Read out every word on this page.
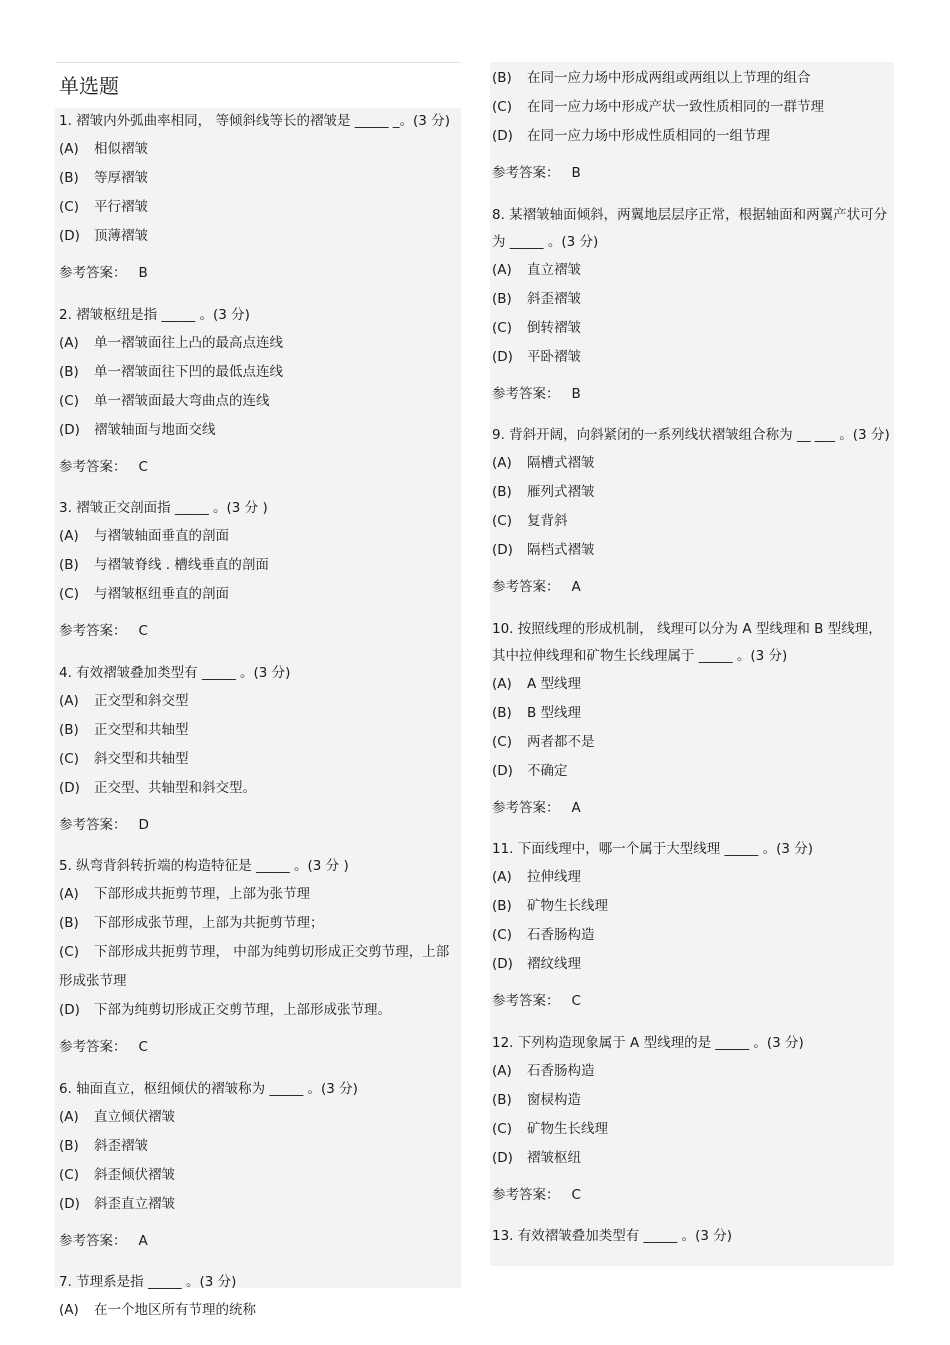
单选题

1. 褶皱内外弧曲率相同， 等倾斜线等长的褶皱是 _____ _。(3 分)

(A) 相似褶皱

(B) 等厚褶皱

(C) 平行褶皱

(D) 顶薄褶皱

参考答案： B

2. 褶皱枢纽是指 _____ 。(3 分)

(A) 单一褶皱面往上凸的最高点连线

(B) 单一褶皱面往下凹的最低点连线

(C) 单一褶皱面最大弯曲点的连线

(D) 褶皱轴面与地面交线

参考答案： C

3. 褶皱正交剖面指 _____ 。(3 分 )

(A) 与褶皱轴面垂直的剖面

(B) 与褶皱脊线 . 槽线垂直的剖面

(C) 与褶皱枢纽垂直的剖面

参考答案： C

4. 有效褶皱叠加类型有 _____ 。(3 分)

(A) 正交型和斜交型

(B) 正交型和共轴型

(C) 斜交型和共轴型

(D) 正交型、共轴型和斜交型。

参考答案： D

5. 纵弯背斜转折端的构造特征是 _____ 。(3 分 )

(A) 下部形成共扼剪节理，上部为张节理

(B) 下部形成张节理，上部为共扼剪节理；

(C) 下部形成共扼剪节理， 中部为纯剪切形成正交剪节理，上部形成张节理

(D) 下部为纯剪切形成正交剪节理，上部形成张节理。

参考答案： C

6. 轴面直立，枢纽倾伏的褶皱称为 _____ 。(3 分)

(A) 直立倾伏褶皱

(B) 斜歪褶皱

(C) 斜歪倾伏褶皱

(D) 斜歪直立褶皱

参考答案： A

7. 节理系是指 _____ 。(3 分)

(A) 在一个地区所有节理的统称

(B) 在同一应力场中形成两组或两组以上节理的组合

(C) 在同一应力场中形成产状一致性质相同的一群节理

(D) 在同一应力场中形成性质相同的一组节理

参考答案： B

8. 某褶皱轴面倾斜，两翼地层层序正常，根据轴面和两翼产状可分为 _____ 。(3 分)

(A) 直立褶皱

(B) 斜歪褶皱

(C) 倒转褶皱

(D) 平卧褶皱

参考答案： B

9. 背斜开阔，向斜紧闭的一系列线状褶皱组合称为 __ ___ 。(3 分)

(A) 隔槽式褶皱

(B) 雁列式褶皱

(C) 复背斜

(D) 隔档式褶皱

参考答案： A

10. 按照线理的形成机制， 线理可以分为 A 型线理和 B 型线理， 其中拉伸线理和矿物生长线理属于 _____ 。(3 分)

(A) A 型线理

(B) B 型线理

(C) 两者都不是

(D) 不确定

参考答案： A

11. 下面线理中，哪一个属于大型线理 _____ 。(3 分)

(A) 拉伸线理

(B) 矿物生长线理

(C) 石香肠构造

(D) 褶纹线理

参考答案： C

12. 下列构造现象属于 A 型线理的是 _____ 。(3 分)

(A) 石香肠构造

(B) 窗棂构造

(C) 矿物生长线理

(D) 褶皱枢纽

参考答案： C

13. 有效褶皱叠加类型有 _____ 。(3 分)
